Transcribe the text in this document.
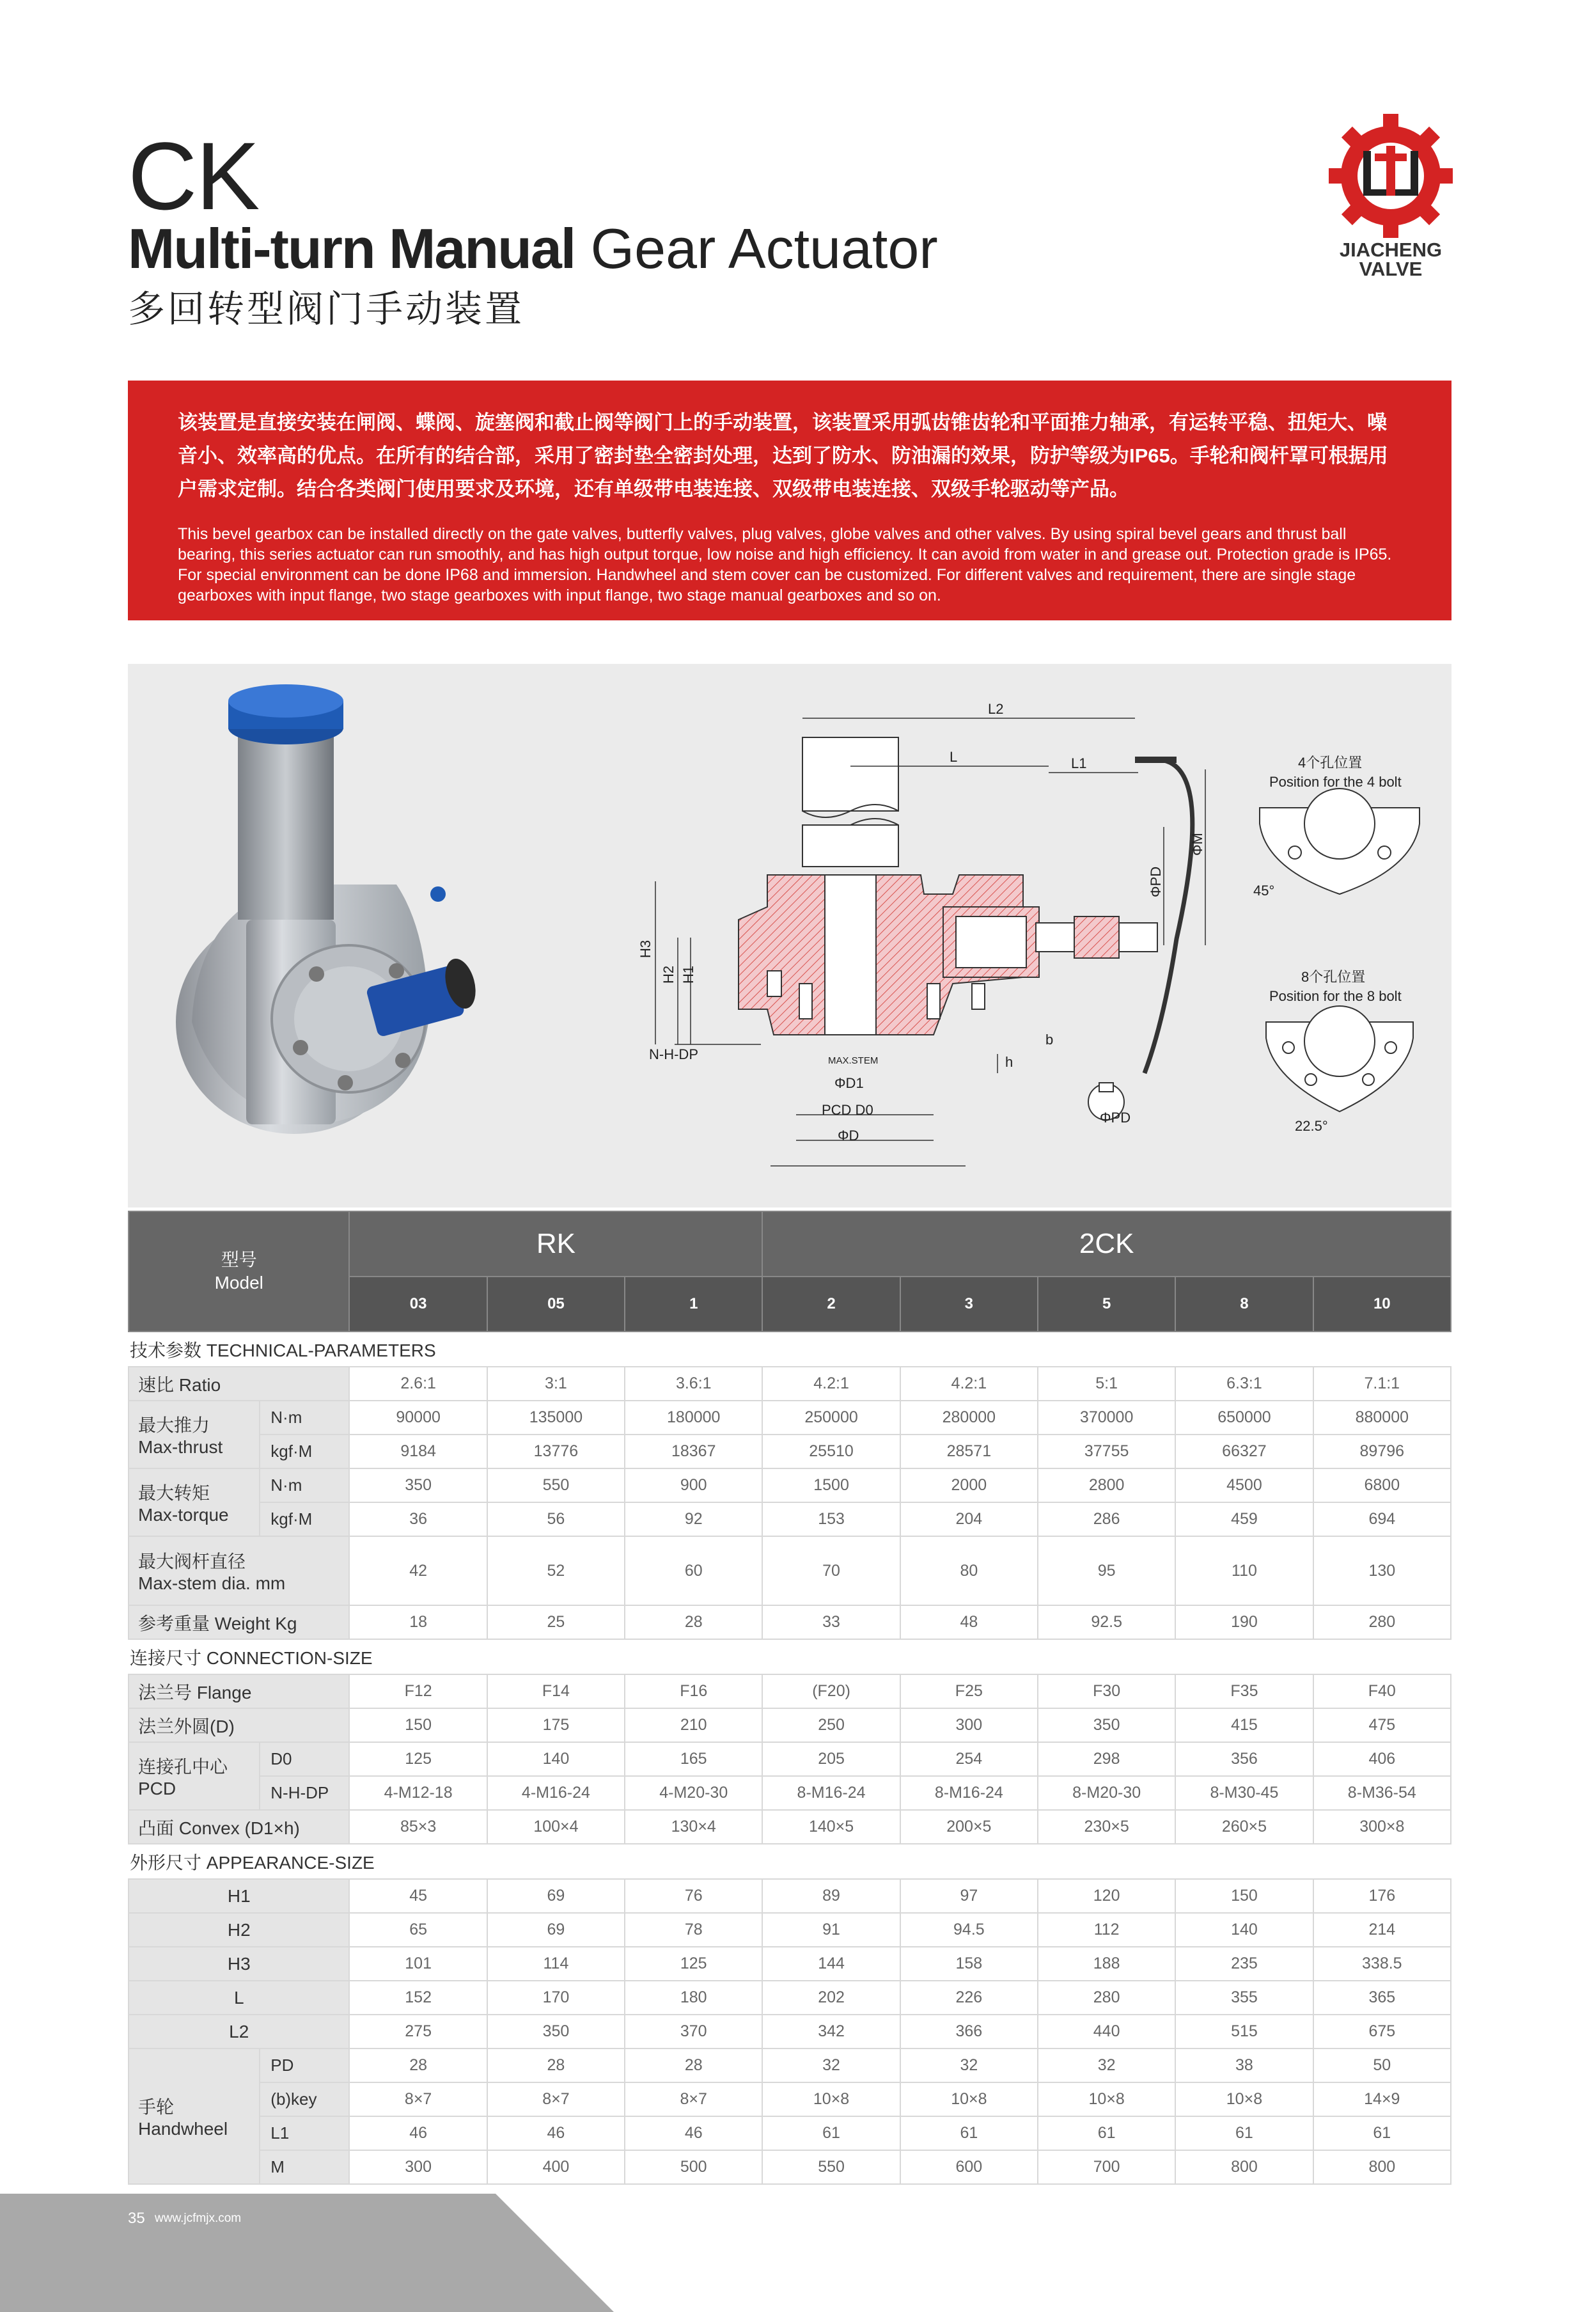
CK
Multi-turn Manual Gear Actuator
多回转型阀门手动装置
JIACHENG
VALVE
该装置是直接安装在闸阀、蝶阀、旋塞阀和截止阀等阀门上的手动装置，该装置采用弧齿锥齿轮和平面推力轴承，有运转平稳、扭矩大、噪音小、效率高的优点。在所有的结合部，采用了密封垫全密封处理，达到了防水、防油漏的效果，防护等级为IP65。手轮和阀杆罩可根据用户需求定制。结合各类阀门使用要求及环境，还有单级带电装连接、双级带电装连接、双级手轮驱动等产品。
This bevel gearbox can be installed directly on the gate valves, butterfly valves, plug valves, globe valves and other valves. By using spiral bevel gears and thrust ball bearing, this series actuator can run smoothly, and has high output torque, low noise and high efficiency. It can avoid from water in and grease out. Protection grade is IP65. For special environment can be done IP68 and immersion. Handwheel and stem cover can be customized. For different valves and requirement, there are single stage gearboxes with input flange, two stage gearboxes with input flange, two stage manual gearboxes and so on.
L2
L	L1
ΦM
ΦPD
H3
H2 H1
N-H-DP	MAX.STEM
ΦD1
PCD D0
ΦD
h
b
ΦPD
4个孔位置
Position for the 4 bolt
45°
8个孔位置
Position for the 8 bolt
22.5°
型号
Model		RK			2CK				
		03	05	1	2	3	5	8	10
技术参数 TECHNICAL-PARAMETERS									
速比 Ratio		2.6:1	3:1	3.6:1	4.2:1	4.2:1	5:1	6.3:1	7.1:1
最大推力
Max-thrust	N·m	90000	135000	180000	250000	280000	370000	650000	880000
	kgf·M	9184	13776	18367	25510	28571	37755	66327	89796
最大转矩
Max-torque	N·m	350	550	900	1500	2000	2800	4500	6800
	kgf·M	36	56	92	153	204	286	459	694
最大阀杆直径
Max-stem dia. mm		42	52	60	70	80	95	110	130
参考重量 Weight Kg		18	25	28	33	48	92.5	190	280
连接尺寸 CONNECTION-SIZE									
法兰号 Flange		F12	F14	F16	(F20)	F25	F30	F35	F40
法兰外圆(D)		150	175	210	250	300	350	415	475
连接孔中心
PCD	D0	125	140	165	205	254	298	356	406
	N-H-DP	4-M12-18	4-M16-24	4-M20-30	8-M16-24	8-M16-24	8-M20-30	8-M30-45	8-M36-54
凸面 Convex (D1×h)		85×3	100×4	130×4	140×5	200×5	230×5	260×5	300×8
外形尺寸 APPEARANCE-SIZE									
H1		45	69	76	89	97	120	150	176
H2		65	69	78	91	94.5	112	140	214
H3		101	114	125	144	158	188	235	338.5
L		152	170	180	202	226	280	355	365
L2		275	350	370	342	366	440	515	675
手轮
Handwheel	PD	28	28	28	32	32	32	38	50
	(b)key	8×7	8×7	8×7	10×8	10×8	10×8	10×8	14×9
	L1	46	46	46	61	61	61	61	61
	M	300	400	500	550	600	700	800	800
35 www.jcfmjx.com
